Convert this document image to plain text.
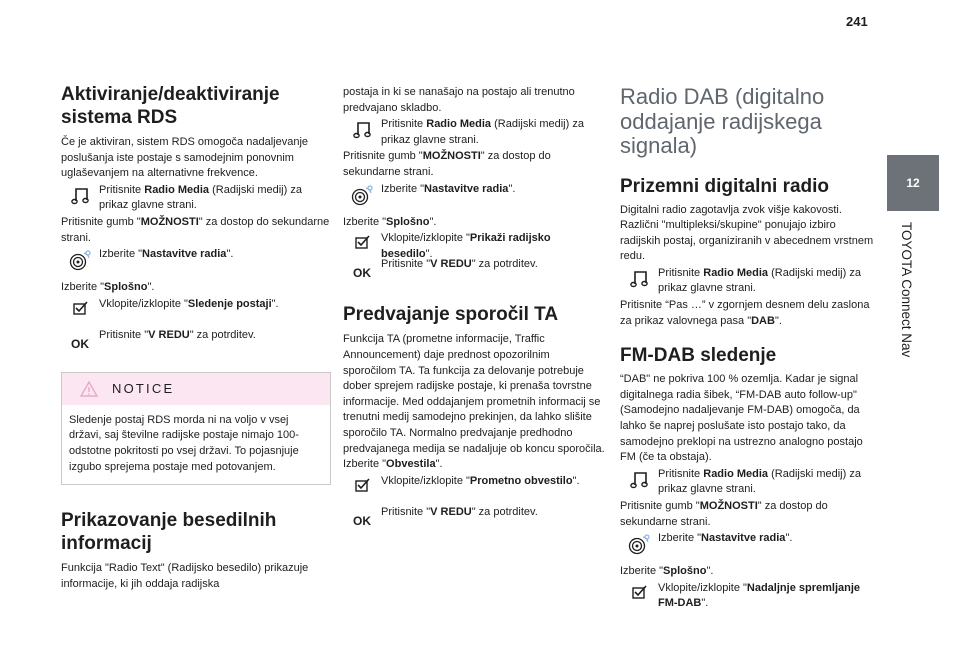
241
12
TOYOTA Connect Nav
Aktiviranje/deaktiviranje sistema RDS

Če je aktiviran, sistem RDS omogoča nadaljevanje poslušanja iste postaje s samodejnim ponovnim uglaševanjem na alternativne frekvence.

Pritisnite Radio Media (Radijski medij) za prikaz glavne strani.

Pritisnite gumb "MOŽNOSTI" za dostop do sekundarne strani.

Izberite "Nastavitve radia".

Izberite "Splošno".

Vklopite/izklopite "Sledenje postaji".
OK
Pritisnite "V REDU" za potrditev.
NOTICE
Sledenje postaj RDS morda ni na voljo v vsej državi, saj številne radijske postaje nimajo 100-odstotne pokritosti po vsej državi. To pojasnjuje izgubo sprejema postaje med potovanjem.
Prikazovanje besedilnih informacij

Funkcija "Radio Text" (Radijsko besedilo) prikazuje informacije, ki jih oddaja radijska

postaja in ki se nanašajo na postajo ali trenutno predvajano skladbo.

Pritisnite Radio Media (Radijski medij) za prikaz glavne strani.

Pritisnite gumb "MOŽNOSTI" za dostop do sekundarne strani.

Izberite "Nastavitve radia".

Izberite "Splošno".

Vklopite/izklopite "Prikaži radijsko besedilo".
OK
Pritisnite "V REDU" za potrditev.
Predvajanje sporočil TA

Funkcija TA (prometne informacije, Traffic Announcement) daje prednost opozorilnim sporočilom TA. Ta funkcija za delovanje potrebuje dober sprejem radijske postaje, ki prenaša tovrstne informacije. Med oddajanjem prometnih informacij se trenutni medij samodejno prekinjen, da lahko slišite sporočilo TA. Normalno predvajanje predhodno predvajanega medija se nadaljuje ob koncu sporočila.

Izberite "Obvestila".

Vklopite/izklopite "Prometno obvestilo".
OK
Pritisnite "V REDU" za potrditev.
Radio DAB (digitalno oddajanje radijskega signala)
Prizemni digitalni radio

Digitalni radio zagotavlja zvok višje kakovosti. Različni "multipleksi/skupine" ponujajo izbiro radijskih postaj, organiziranih v abecednem vrstnem redu.

Pritisnite Radio Media (Radijski medij) za prikaz glavne strani.

Pritisnite “Pas …” v zgornjem desnem delu zaslona za prikaz valovnega pasa "DAB".

FM-DAB sledenje

“DAB" ne pokriva 100 % ozemlja. Kadar je signal digitalnega radia šibek, “FM-DAB auto follow-up" (Samodejno nadaljevanje FM-DAB) omogoča, da lahko še naprej poslušate isto postajo tako, da samodejno preklopi na ustrezno analogno postajo FM (če ta obstaja).

Pritisnite Radio Media (Radijski medij) za prikaz glavne strani.

Pritisnite gumb "MOŽNOSTI" za dostop do sekundarne strani.

Izberite "Nastavitve radia".

Izberite "Splošno".

Vklopite/izklopite "Nadaljnje spremljanje FM-DAB".
